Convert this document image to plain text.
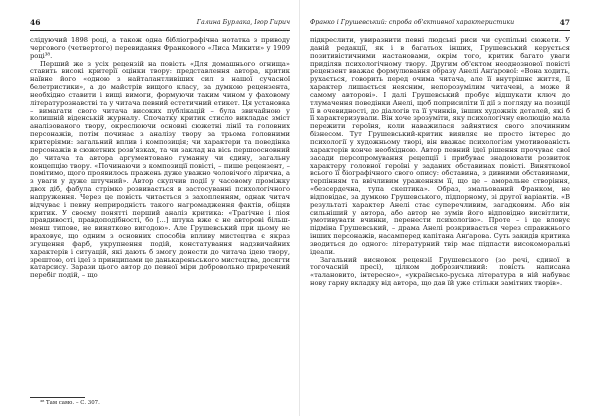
46	Галина Бурлака, Ігор Гирич

слідуючий 1898 році, а також одна бібліографічна нотатка з приводу чергового (четвертого) перевидання Франкового «Лиса Микити» у 1909 році³⁸.

Перший же з усіх рецензій на повість «Для домашнього огнища» ставить високі критерії оцінки твору: представлення автора, критик наївне його «одною з найталантливіших сил з нашої сучасної белетристики», а до майстрів вищого класу, за думкою рецензента, необхідно ставити і вищі вимоги, формуючи таким чином у фаховому літературознавстві та у читача певний естетичний етикет. Ця установка – вимагати свого читача високих публікацій – була звичайною у колишній віденській журналу. Спочатку критик стисло викладає зміст аналізованого твору, окреслюючи основні сюжетні лінії та головних персонажів, потім починає з аналізу твору за трьома головними критеріями: загальний вплив і композиція; чи характери та поведінка персонажів в сюжетних розв'язках, та чи заклад на вісь першоосновний до читача та автора аргументовано гуманну чи єдину, загальну концепцію твору. «Починаючи з композиції повісті, – пише рецензент, – помітимо, щого проявилось пражень дуже уважно чоловічого лірична, а з уваги у дуже штучний». Автор скупчив події у часовому проміжку двох діб, фабула стрімко розвивається в застосуванні психологічного напруження. Через це повість читається з захопленням, однак читач відчуває і певну неприродність такого нагромадження фактів, обіцяв критик. У своєму понятті перший аналіз критика: «Трагічне і ліоя правдивості, правдоподібності, бо [...] штука вже є не авторові більш-менш типове, не винятково вигодою». Але Грушевський при цьому не враховує, що одним з основних способів впливу мистецтва є якраз згущення фарб, укрупнення подій, констатування надзвичайних характерів і ситуацій, які дають б змогу донести до читача ідею твору, зрештою, оті ідеї з принципами це данькареньського мистецтва, досягти катарсису. Зарази цього автор до певної міри добровольно приречений перебіг подій, – що

³⁸ Там само. – С. 307.
Франко і Грушевський: спроба об'єктивної характеристики	47

підкреслити, увиразнити певні людські риси чи суспільні сюжети. У даній редакції, як і в багатьох інших, Грушевський керується позитивістичними настановами, окрім того, критик багато уваги приділяв психологічному твору. Другим об'єктом неоднознової повісті рецензент вважає формулювання образу Анелі Анґарової: «Вона ходить, рухається, говорить перед очима читача, але її внутрішнє життя, її характер лишається неясним, непорозумілим читачеві, а може й самому авторові». І далі Грушевський пробує відшукати ключ до тлумачення поведінки Анелі, щоб поприсиліти її дії з погляду на позиції її в очевидності, до діалогів та її учинків, інших художніх деталей, які б її характеризували. Він хоче зрозуміти, яку психологічну еволюцію мала пережити героїня, коли наважилася зайнятися свого злочинним бізнесом. Тут Грушевський-критик виявляє не просто інтерес до психології у художньому творі, він вважає психологізм умотивованість характерів конче необхідною. Автор певний ідеї рішення прочуває свої засади персопромування рецепції і прибуває знадоювати розвиток характеру головної героїні у заданих обставинах повісті. Виняткової всього її біографічного свого опису: обставина, з дивними обставинами, терпінням та ввічливим ураженням її, що це – аморальне створіння, «безсердечна, тупа скептика». Образ, змальований Франком, не відповідає, за думкою Грушевського, підпорному, зі другої варіантів. «В результаті характер Анелі стає суперечливим, загадковим. Або він сильніший у автора, або автор не зумів його відповідно висвітлити, умотивувати вчинки, перенести психологію». Проте – і це вловує підміна Грушевський, – драма Анелі розкривається через справжнього інших персонажів, насамперед капітана Анґарова. Суть закидів критика зводиться до одного: літературний твір має підпасти високоморальні ідеали.

Загальний висновок рецензії Грушевського (зо речі, єдиної в тогочасній пресі), цілком доброзичливий: повість написана «талановито, інтересно», «українсько-руська література в ній набуває нову гарну вкладку від автора, що дав їй уже стільки замітних творів».
